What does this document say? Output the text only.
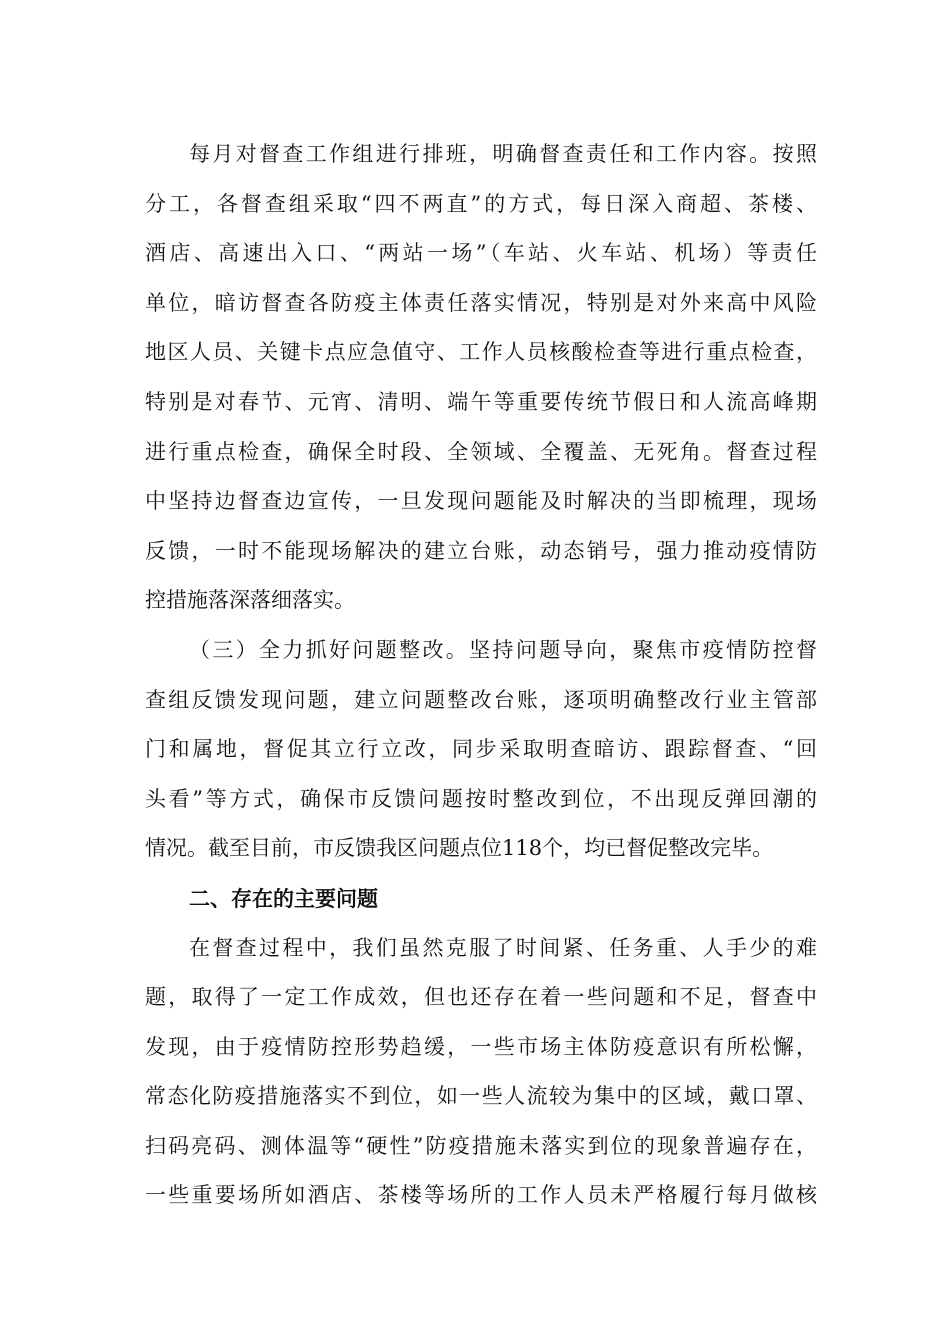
每月对督查工作组进行排班，明确督查责任和工作内容。按照
分工，各督查组采取“四不两直”的方式，每日深入商超、茶楼、
酒店、高速出入口、“两站一场”（车站、火车站、机场）等责任
单位，暗访督查各防疫主体责任落实情况，特别是对外来高中风险
地区人员、关键卡点应急值守、工作人员核酸检查等进行重点检查，
特别是对春节、元宵、清明、端午等重要传统节假日和人流高峰期
进行重点检查，确保全时段、全领域、全覆盖、无死角。督查过程
中坚持边督查边宣传，一旦发现问题能及时解决的当即梳理，现场
反馈，一时不能现场解决的建立台账，动态销号，强力推动疫情防
控措施落深落细落实。
（三）全力抓好问题整改。坚持问题导向，聚焦市疫情防控督
查组反馈发现问题，建立问题整改台账，逐项明确整改行业主管部
门和属地，督促其立行立改，同步采取明查暗访、跟踪督查、“回
头看”等方式，确保市反馈问题按时整改到位，不出现反弹回潮的
情况。截至目前，市反馈我区问题点位118个，均已督促整改完毕。
二、存在的主要问题
在督查过程中，我们虽然克服了时间紧、任务重、人手少的难
题，取得了一定工作成效，但也还存在着一些问题和不足，督查中
发现，由于疫情防控形势趋缓，一些市场主体防疫意识有所松懈，
常态化防疫措施落实不到位，如一些人流较为集中的区域，戴口罩、
扫码亮码、测体温等“硬性”防疫措施未落实到位的现象普遍存在，
一些重要场所如酒店、茶楼等场所的工作人员未严格履行每月做核
